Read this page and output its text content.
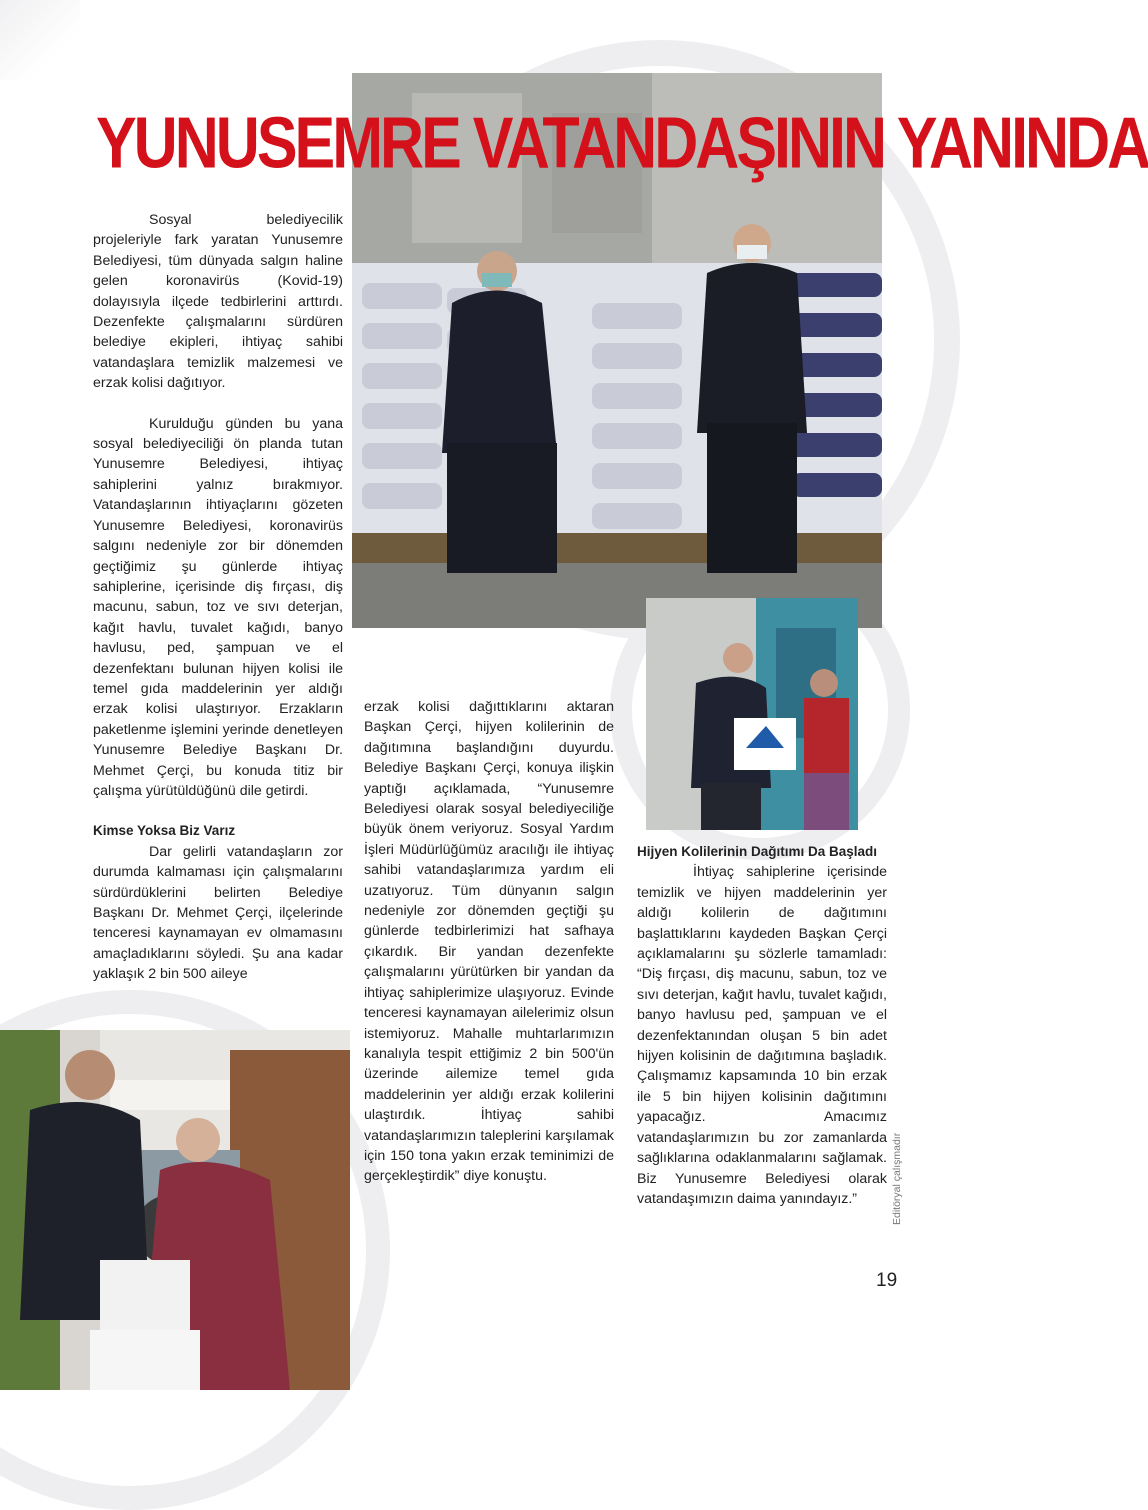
YUNUSEMRE VATANDAŞININ YANINDA

Sosyal belediyecilik projeleriyle fark yaratan Yunusemre Belediyesi, tüm dünyada salgın haline gelen koronavirüs (Kovid-19) dolayısıyla ilçede tedbirlerini arttırdı. Dezenfekte çalışmalarını sürdüren belediye ekipleri, ihtiyaç sahibi vatandaşlara temizlik malzemesi ve erzak kolisi dağıtıyor.

Kurulduğu günden bu yana sosyal belediyeciliği ön planda tutan Yunusemre Belediyesi, ihtiyaç sahiplerini yalnız bırakmıyor. Vatandaşlarının ihtiyaçlarını gözeten Yunusemre Belediyesi, koronavirüs salgını nedeniyle zor bir dönemden geçtiğimiz şu günlerde ihtiyaç sahiplerine, içerisinde diş fırçası, diş macunu, sabun, toz ve sıvı deterjan, kağıt havlu, tuvalet kağıdı, banyo havlusu, ped, şampuan ve el dezenfektanı bulunan hijyen kolisi ile temel gıda maddelerinin yer aldığı erzak kolisi ulaştırıyor. Erzakların paketlenme işlemini yerinde denetleyen Yunusemre Belediye Başkanı Dr. Mehmet Çerçi, bu konuda titiz bir çalışma yürütüldüğünü dile getirdi.

Kimse Yoksa Biz Varız

Dar gelirli vatandaşların zor durumda kalmaması için çalışmalarını sürdürdüklerini belirten Belediye Başkanı Dr. Mehmet Çerçi, ilçelerinde tenceresi kaynamayan ev olmamasını amaçladıklarını söyledi. Şu ana kadar yaklaşık 2 bin 500 aileye

erzak kolisi dağıttıklarını aktaran Başkan Çerçi, hijyen kolilerinin de dağıtımına başlandığını duyurdu. Belediye Başkanı Çerçi, konuya ilişkin yaptığı açıklamada, “Yunusemre Belediyesi olarak sosyal belediyeciliğe büyük önem veriyoruz. Sosyal Yardım İşleri Müdürlüğümüz aracılığı ile ihtiyaç sahibi vatandaşlarımıza yardım eli uzatıyoruz. Tüm dünyanın salgın nedeniyle zor dönemden geçtiği şu günlerde tedbirlerimizi hat safhaya çıkardık. Bir yandan dezenfekte çalışmalarını yürütürken bir yandan da ihtiyaç sahiplerimize ulaşıyoruz. Evinde tenceresi kaynamayan ailelerimiz olsun istemiyoruz. Mahalle muhtarlarımızın kanalıyla tespit ettiğimiz 2 bin 500'ün üzerinde ailemize temel gıda maddelerinin yer aldığı erzak kolilerini ulaştırdık. İhtiyaç sahibi vatandaşlarımızın taleplerini karşılamak için 150 tona yakın erzak teminimizi de gerçekleştirdik” diye konuştu.

Hijyen Kolilerinin Dağıtımı Da Başladı

İhtiyaç sahiplerine içerisinde temizlik ve hijyen maddelerinin yer aldığı kolilerin de dağıtımını başlattıklarını kaydeden Başkan Çerçi açıklamalarını şu sözlerle tamamladı: “Diş fırçası, diş macunu, sabun, toz ve sıvı deterjan, kağıt havlu, tuvalet kağıdı, banyo havlusu ped, şampuan ve el dezenfektanından oluşan 5 bin adet hijyen kolisinin de dağıtımına başladık. Çalışmamız kapsamında 10 bin erzak ile 5 bin hijyen kolisinin dağıtımını yapacağız. Amacımız vatandaşlarımızın bu zor zamanlarda sağlıklarına odaklanmalarını sağlamak. Biz Yunusemre Belediyesi olarak vatandaşımızın daima yanındayız.”	Editöryal çalışmadır
19
